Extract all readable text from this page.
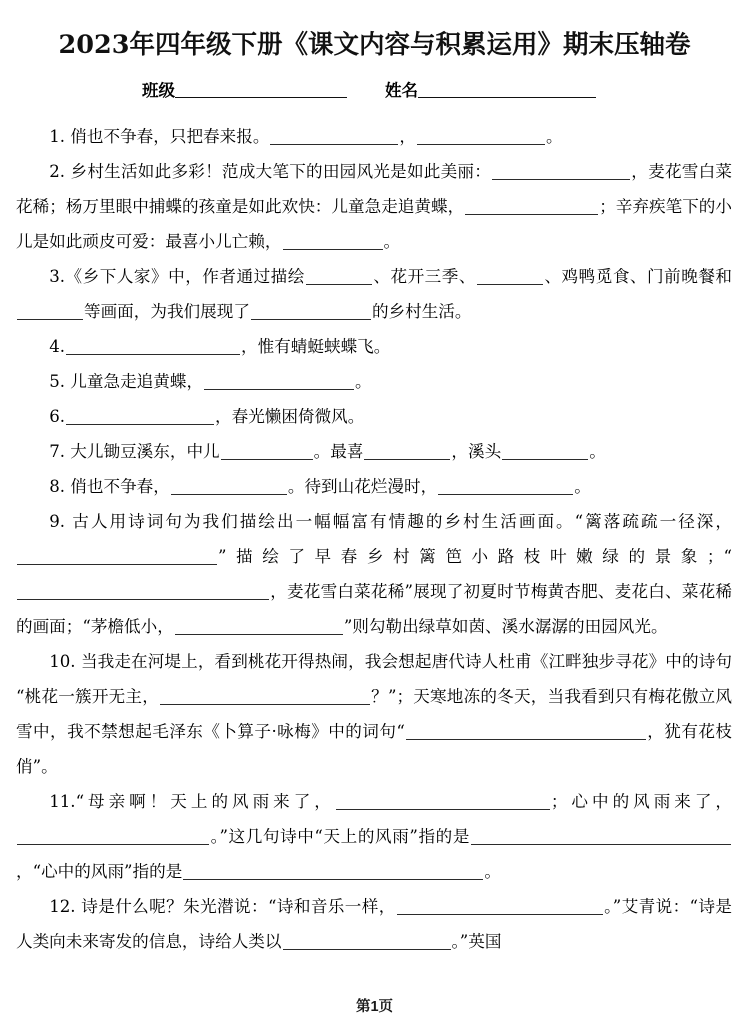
2023年四年级下册《课文内容与积累运用》期末压轴卷
班级	姓名

1. 俏也不争春，只把春来报。	，	。

2. 乡村生活如此多彩！范成大笔下的田园风光是如此美丽：	，麦花雪白菜花稀；杨万里眼中捕蝶的孩童是如此欢快：儿童急走追黄蝶，	；辛弃疾笔下的小儿是如此顽皮可爱：最喜小儿亡赖，	。

3.《乡下人家》中，作者通过描绘	、花开三季、	、鸡鸭觅食、门前晚餐和等画面，为我们展现了	的乡村生活。

4.	，惟有蜻蜓蛱蝶飞。

5. 儿童急走追黄蝶，	。

6.	，春光懒困倚微风。

7. 大儿锄豆溪东，中儿	。最喜	，溪头	。

8. 俏也不争春，	。待到山花烂漫时，	。

9. 古人用诗词句为我们描绘出一幅幅富有情趣的乡村生活画面。“篱落疏疏一径深，”描绘了早春乡村篱笆小路枝叶嫩绿的景象；“，麦花雪白菜花稀”展现了初夏时节梅黄杏肥、麦花白、菜花稀的画面；“茅檐低小，	”则勾勒出绿草如茵、溪水潺潺的田园风光。

10. 当我走在河堤上，看到桃花开得热闹，我会想起唐代诗人杜甫《江畔独步寻花》中的诗句“桃花一簇开无主，	？”；天寒地冻的冬天，当我看到只有梅花傲立风雪中，我不禁想起毛泽东《卜算子·咏梅》中的词句“	，犹有花枝俏”。

11.“母亲啊！天上的风雨来了，	；心中的风雨来了，。”这几句诗中“天上的风雨”指的是，“心中的风雨”指的是	。

12. 诗是什么呢？朱光潜说：“诗和音乐一样，	。”艾青说：“诗是人类向未来寄发的信息，诗给人类以	。”英国

第1页
